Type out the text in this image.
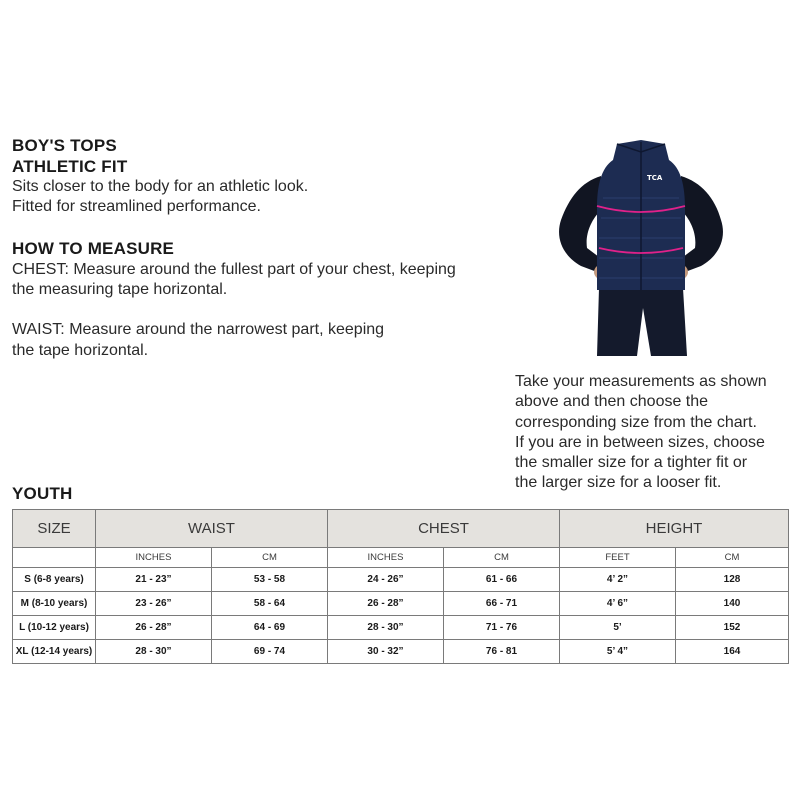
BOY'S TOPS
ATHLETIC FIT

Sits closer to the body for an athletic look.

Fitted for streamlined performance.

HOW TO MEASURE

CHEST: Measure around the fullest part of your chest, keeping

the measuring tape horizontal.

WAIST: Measure around the narrowest part, keeping

the tape horizontal.

TCA
Take your measurements as shown
above and then choose the
corresponding size from the chart.
If you are in between sizes, choose
the smaller size for a tighter fit or
the larger size for a looser fit.
YOUTH
SIZE	WAIST		CHEST		HEIGHT	
	INCHES	CM	INCHES	CM	FEET	CM
S (6-8 years)	21 - 23”	53 - 58	24 - 26”	61 - 66	4’ 2”	128
M (8-10 years)	23 - 26”	58 - 64	26 - 28”	66 - 71	4’ 6”	140
L (10-12 years)	26 - 28”	64 - 69	28 - 30”	71 - 76	5’	152
XL (12-14 years)	28 - 30”	69 - 74	30 - 32”	76 - 81	5’ 4”	164
